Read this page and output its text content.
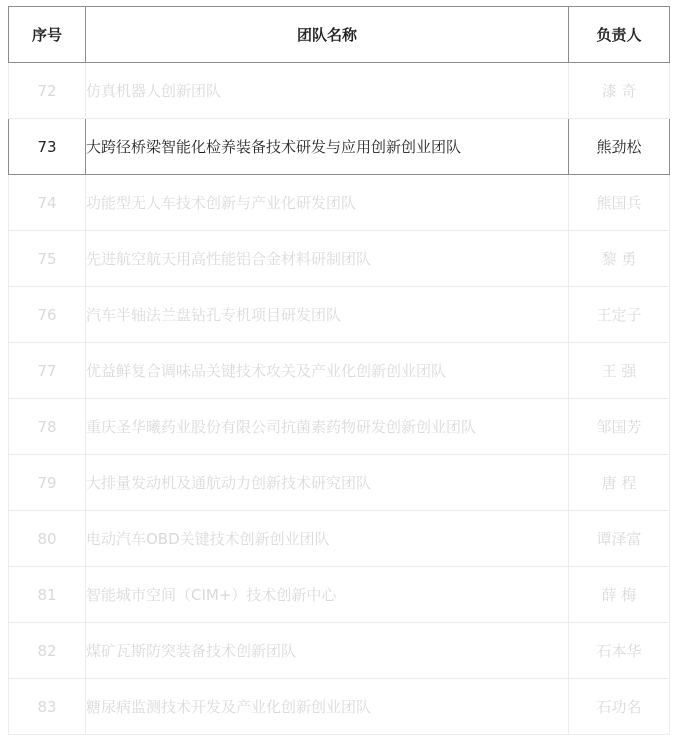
序号	团队名称	负责人
72	仿真机器人创新团队	漆 奇
73	大跨径桥梁智能化检养装备技术研发与应用创新创业团队	熊劲松
74	功能型无人车技术创新与产业化研发团队	熊国兵
75	先进航空航天用高性能铝合金材料研制团队	黎 勇
76	汽车半轴法兰盘钻孔专机项目研发团队	王定子
77	优益鲜复合调味品关键技术攻关及产业化创新创业团队	王 强
78	重庆圣华曦药业股份有限公司抗菌素药物研发创新创业团队	邹国芳
79	大排量发动机及通航动力创新技术研究团队	唐 程
80	电动汽车OBD关键技术创新创业团队	谭泽富
81	智能城市空间（CIM+）技术创新中心	薛 梅
82	煤矿瓦斯防突装备技术创新团队	石本华
83	糖尿病监测技术开发及产业化创新创业团队	石功名
